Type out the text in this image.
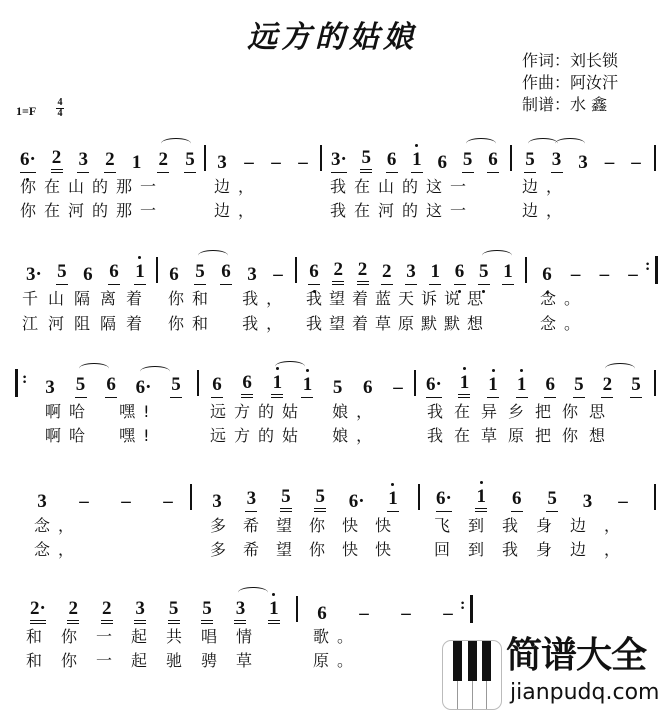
远方的姑娘
作词：刘长锁
作曲：阿汝汗
制谱：水 鑫
1=F
4
4
6· 2 3 2 1 2 5 3 – – – 3· 5 6 1 6 5 6 5 3 3 – –
你在山的那一	边，	我在山的这一	边，
你在河的那一	边，	我在河的这一	边，
3· 5 6 6 1 6 5 6 3 – 6 2 2 2 3 1 6 5 1 6 – – – :
千山隔离着 你和  我， 我望着蓝天诉说思	念。
江河阻隔着 你和  我， 我望着草原默默想	念。
: 3 5 6 6· 5 6 6 1 1 5 6 – 6· 1 1 1 6 5 2 5
啊哈  嘿!	远方的姑  娘，	我在异乡把你思
啊哈  嘿!	远方的姑  娘，	我在草原把你想
3 – – – 3 3 5 5 6· 1 6· 1 6 5 3 –
念，	多希望你快快 飞到我身边，
念，	多希望你快快 回到我身边，
2· 2 2 3 5 5 3 1 6 – – – :
和你一起共唱情	歌。
和你一起驰骋草	原。	简谱大全
jianpudq.com
